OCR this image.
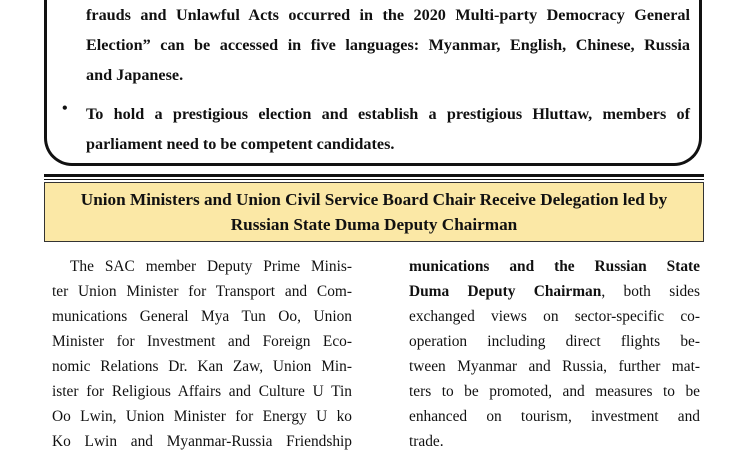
frauds and Unlawful Acts occurred in the 2020 Multi-party Democracy General
Election” can be accessed in five languages: Myanmar, English, Chinese, Russia
and Japanese.
• To hold a prestigious election and establish a prestigious Hluttaw, members of
parliament need to be competent candidates.
Union Ministers and Union Civil Service Board Chair Receive Delegation led by
Russian State Duma Deputy Chairman
The SAC member Deputy Prime Minis-
ter Union Minister for Transport and Com-
munications General Mya Tun Oo, Union
Minister for Investment and Foreign Eco-
nomic Relations Dr. Kan Zaw, Union Min-
ister for Religious Affairs and Culture U Tin
Oo Lwin, Union Minister for Energy U ko
Ko Lwin and Myanmar-Russia Friendship
munications and the Russian State
Duma Deputy Chairman, both sides
exchanged views on sector-specific co-
operation including direct flights be-
tween Myanmar and Russia, further mat-
ters to be promoted, and measures to be
enhanced on tourism, investment and
trade.
